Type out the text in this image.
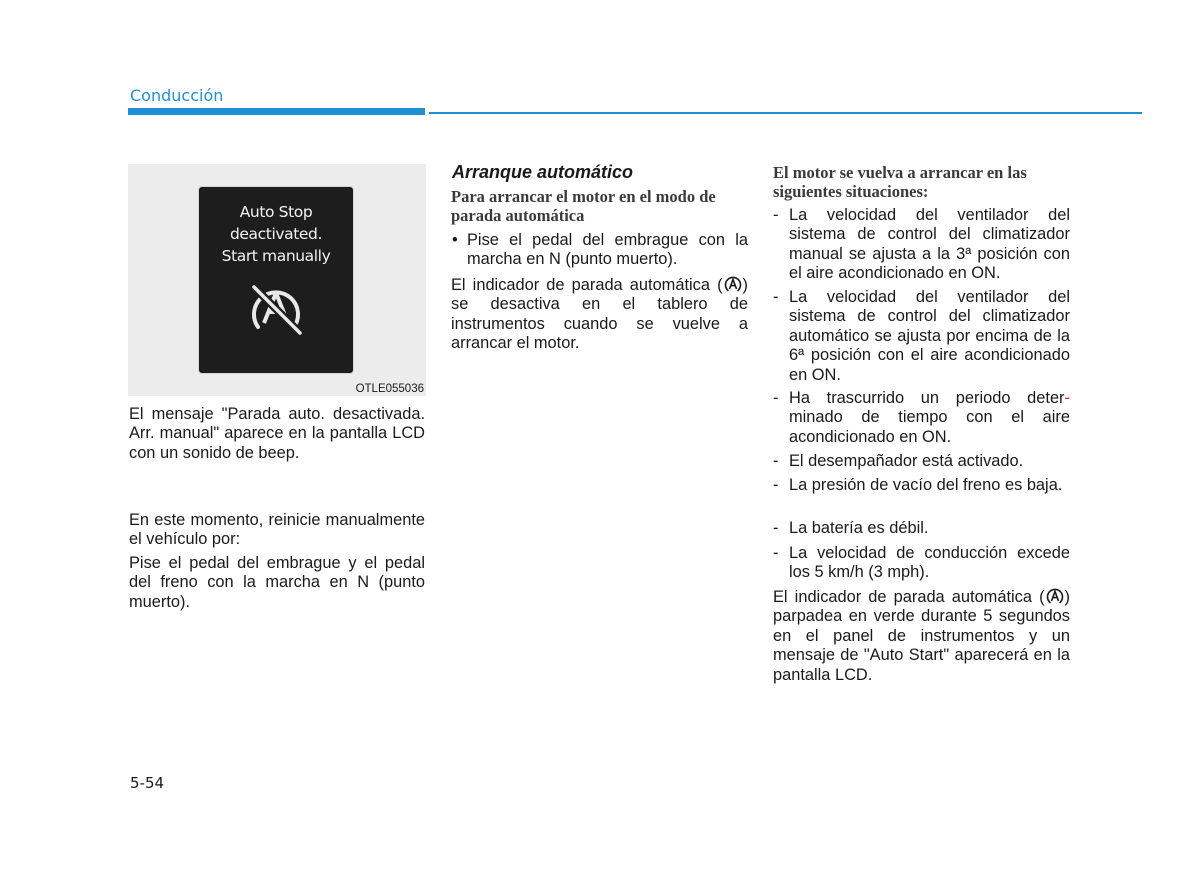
Conducción
Auto Stop
deactivated.
Start manually
OTLE055036
El mensaje "Parada auto. desactivada. Arr. manual" aparece en la pantalla LCD con un sonido de beep.
En este momento, reinicie manualmente el vehículo por:
Pise el pedal del embrague y el pedal del freno con la marcha en N (punto muerto).
Arranque automático
Para arrancar el motor en el modo de parada automática
• Pise el pedal del embrague con la marcha en N (punto muerto).
El indicador de parada automática ( ) se desactiva en el tablero de instrumentos cuando se vuelve a arrancar el motor.
El motor se vuelva a arrancar en las siguientes situaciones:
- La velocidad del ventilador del sistema de control del climatizador manual se ajusta a la 3ª posición con el aire acondicionado en ON.
- La velocidad del ventilador del sistema de control del climatizador automático se ajusta por encima de la 6ª posición con el aire acondicionado en ON.
- Ha trascurrido un periodo deter- minado de tiempo con el aire acondicionado en ON.
- El desempañador está activado.
- La presión de vacío del freno es baja.
- La batería es débil.
- La velocidad de conducción excede los 5 km/h (3 mph).
El indicador de parada automática ( ) parpadea en verde durante 5 segundos en el panel de instrumentos y un mensaje de "Auto Start" aparecerá en la pantalla LCD.
5-54
